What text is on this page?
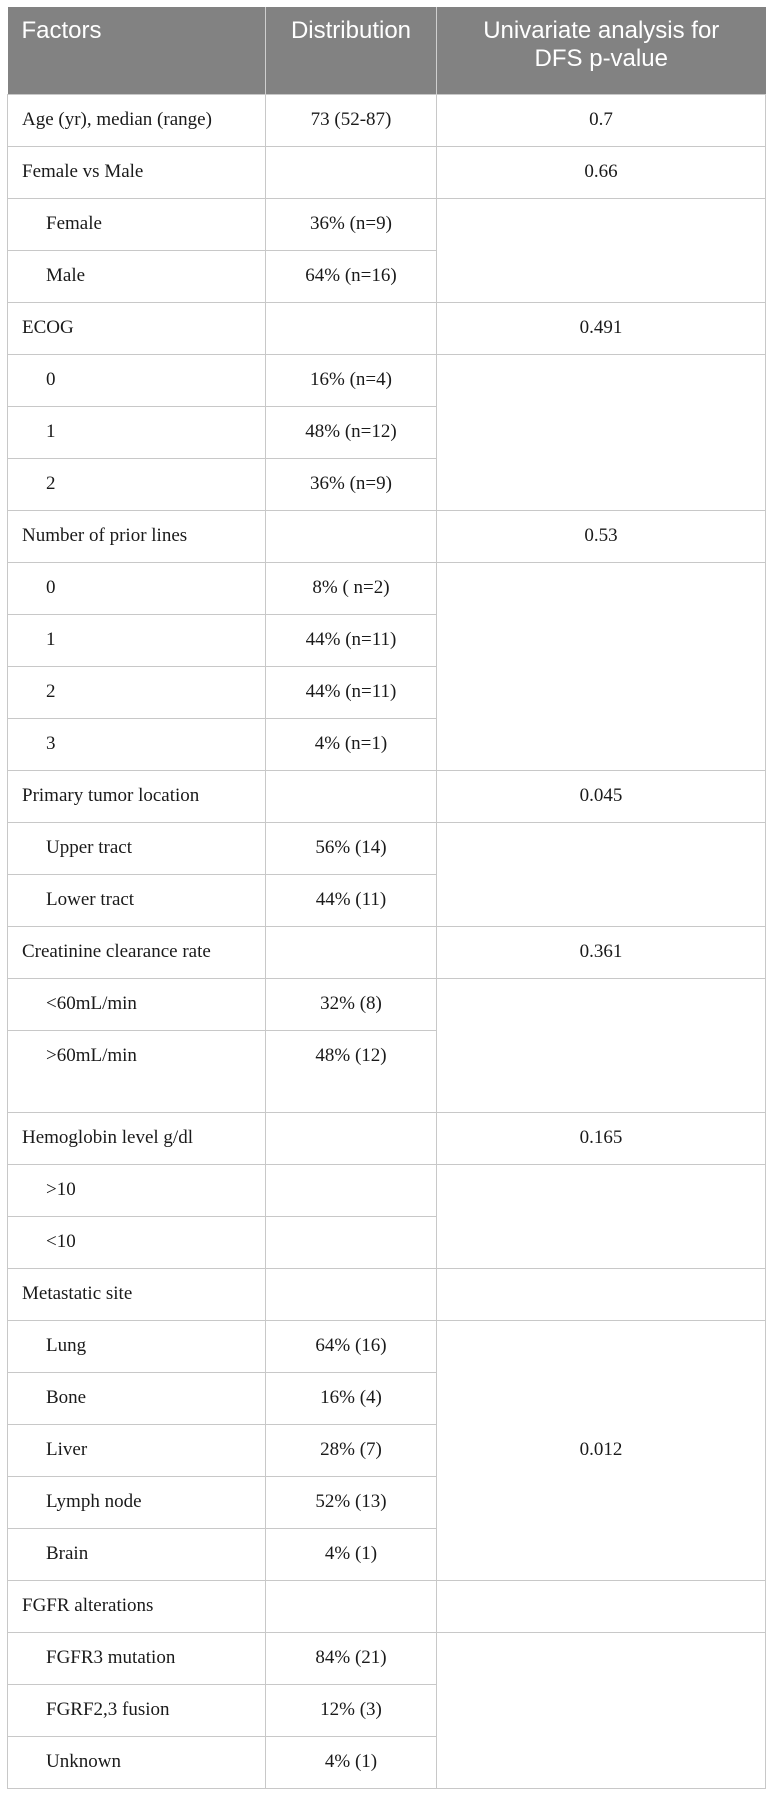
Factors	Distribution	Univariate analysis for
DFS p-value
Age (yr), median (range)	73 (52-87)	0.7
Female vs Male		0.66
Female	36% (n=9)	
Male	64% (n=16)	
ECOG		0.491
0	16% (n=4)	
1	48% (n=12)	
2	36% (n=9)	
Number of prior lines		0.53
0	8% ( n=2)	
1	44% (n=11)	
2	44% (n=11)	
3	4% (n=1)	
Primary tumor location		0.045
Upper tract	56% (14)	
Lower tract	44% (11)	
Creatinine clearance rate		0.361
<60mL/min	32% (8)	
>60mL/min	48% (12)	
Hemoglobin level g/dl		0.165
>10		
<10		
Metastatic site		
Lung	64% (16)	0.012
Bone	16% (4)	
Liver	28% (7)	
Lymph node	52% (13)	
Brain	4% (1)	
FGFR alterations		
FGFR3 mutation	84% (21)	
FGRF2,3 fusion	12% (3)	
Unknown	4% (1)	
